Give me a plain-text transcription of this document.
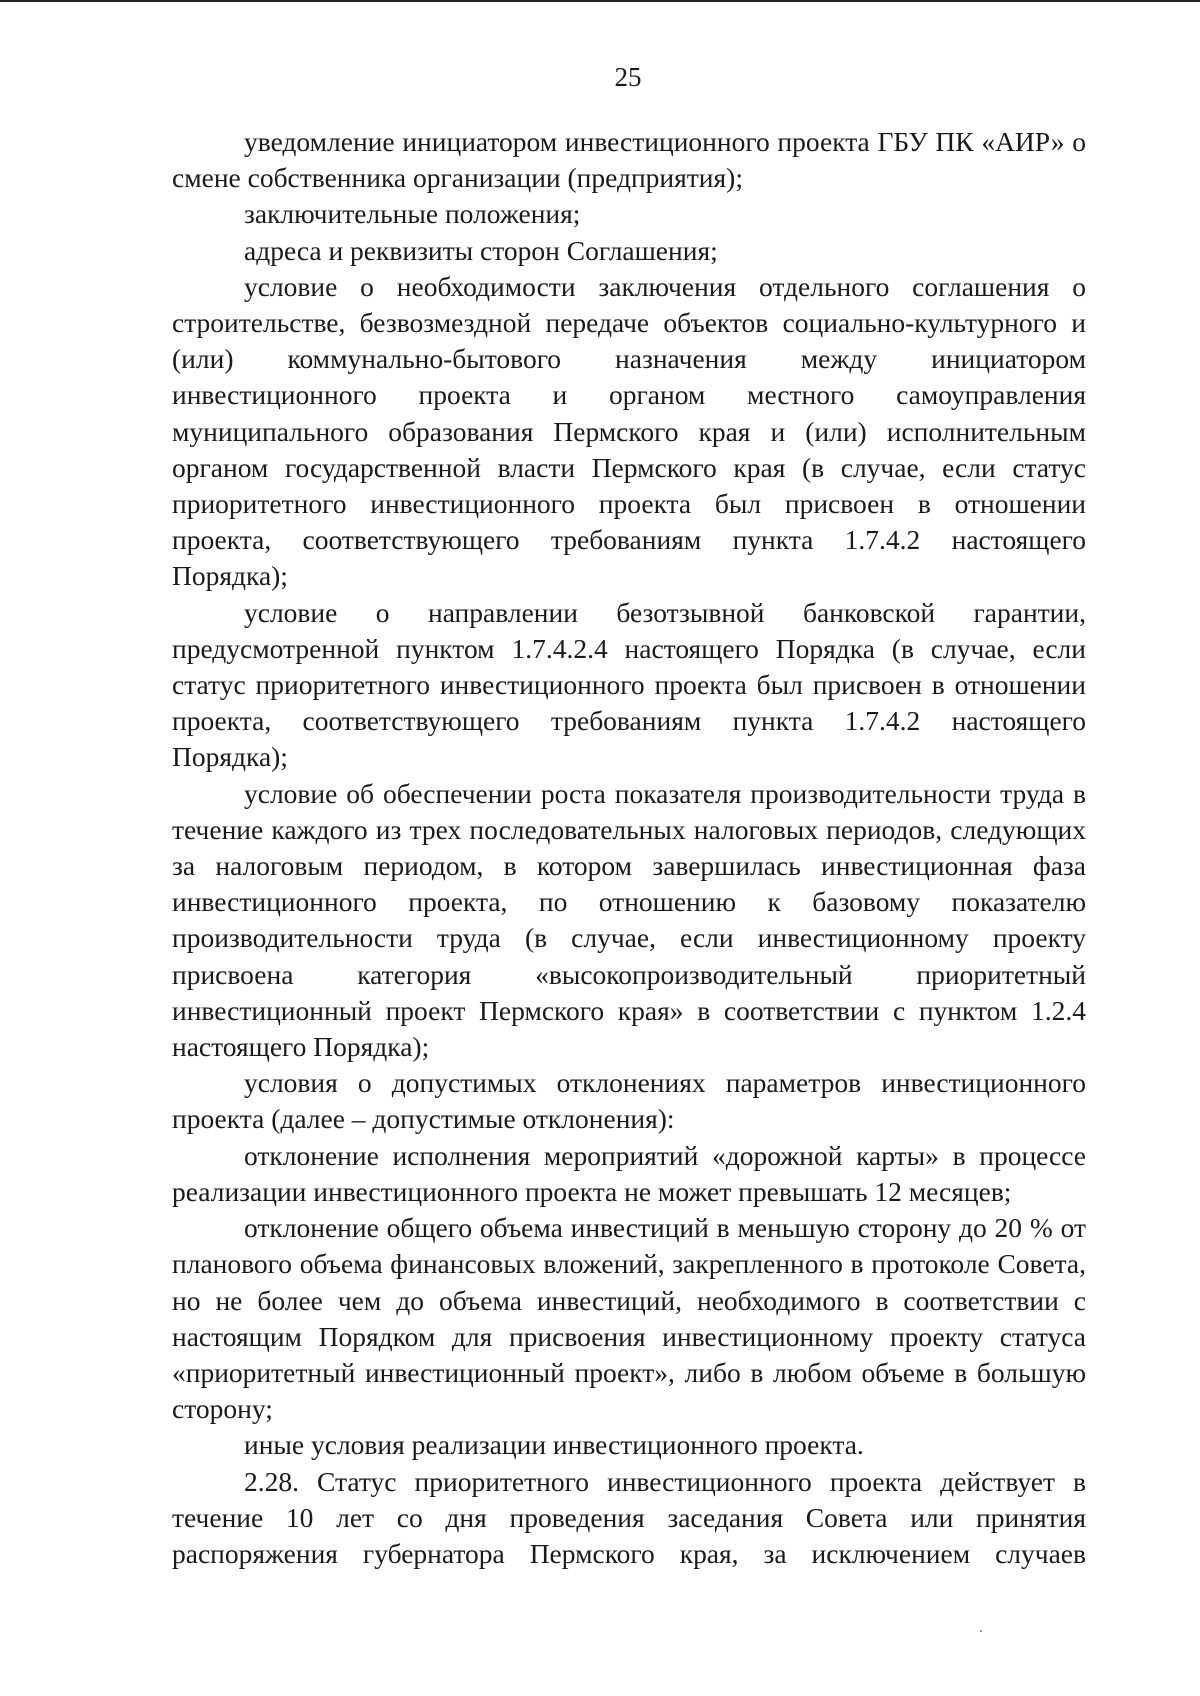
25

уведомление инициатором инвестиционного проекта ГБУ ПК «АИР» о смене собственника организации (предприятия);

заключительные положения;

адреса и реквизиты сторон Соглашения;

условие о необходимости заключения отдельного соглашения о строительстве, безвозмездной передаче объектов социально-культурного и (или) коммунально-бытового назначения между инициатором инвестиционного проекта и органом местного самоуправления муниципального образования Пермского края и (или) исполнительным органом государственной власти Пермского края (в случае, если статус приоритетного инвестиционного проекта был присвоен в отношении проекта, соответствующего требованиям пункта 1.7.4.2 настоящего Порядка);

условие о направлении безотзывной банковской гарантии, предусмотренной пунктом 1.7.4.2.4 настоящего Порядка (в случае, если статус приоритетного инвестиционного проекта был присвоен в отношении проекта, соответствующего требованиям пункта 1.7.4.2 настоящего Порядка);

условие об обеспечении роста показателя производительности труда в течение каждого из трех последовательных налоговых периодов, следующих за налоговым периодом, в котором завершилась инвестиционная фаза инвестиционного проекта, по отношению к базовому показателю производительности труда (в случае, если инвестиционному проекту присвоена категория «высокопроизводительный приоритетный инвестиционный проект Пермского края» в соответствии с пунктом 1.2.4 настоящего Порядка);

условия о допустимых отклонениях параметров инвестиционного проекта (далее – допустимые отклонения):

отклонение исполнения мероприятий «дорожной карты» в процессе реализации инвестиционного проекта не может превышать 12 месяцев;

отклонение общего объема инвестиций в меньшую сторону до 20 % от планового объема финансовых вложений, закрепленного в протоколе Совета, но не более чем до объема инвестиций, необходимого в соответствии с настоящим Порядком для присвоения инвестиционному проекту статуса «приоритетный инвестиционный проект», либо в любом объеме в большую сторону;

иные условия реализации инвестиционного проекта.

2.28. Статус приоритетного инвестиционного проекта действует в течение 10 лет со дня проведения заседания Совета или принятия распоряжения губернатора Пермского края, за исключением случаев
